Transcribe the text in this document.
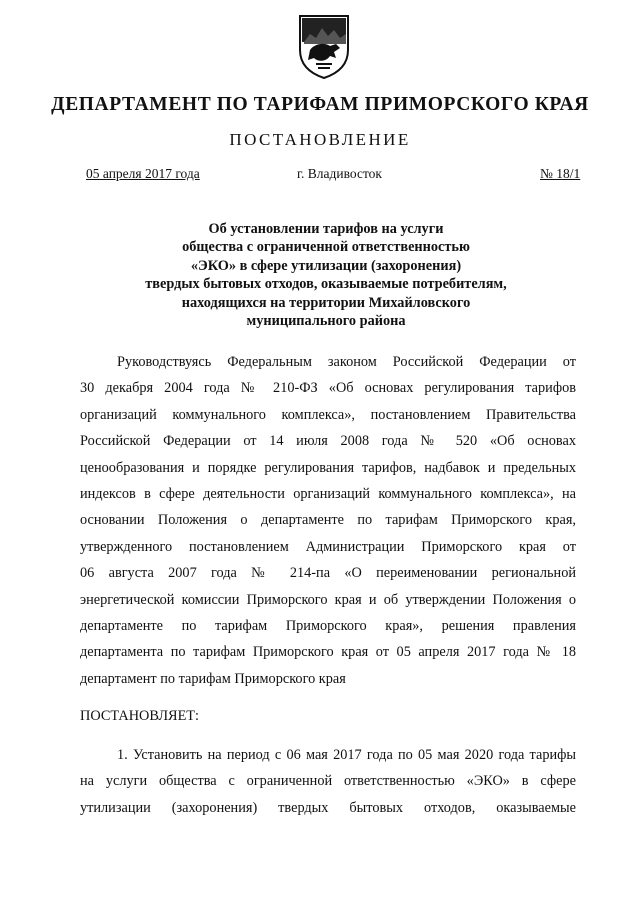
ДЕПАРТАМЕНТ ПО ТАРИФАМ ПРИМОРСКОГО КРАЯ
ПОСТАНОВЛЕНИЕ
05 апреля 2017 года	г. Владивосток	№ 18/1
Об установлении тарифов на услуги
общества с ограниченной ответственностью
«ЭКО» в сфере утилизации (захоронения)
твердых бытовых отходов, оказываемые потребителям,
находящихся на территории Михайловского
муниципального района
Руководствуясь Федеральным законом Российской Федерации от
30 декабря 2004 года № 210-ФЗ «Об основах регулирования тарифов
организаций коммунального комплекса», постановлением Правительства
Российской Федерации от 14 июля 2008 года № 520 «Об основах
ценообразования и порядке регулирования тарифов, надбавок и предельных
индексов в сфере деятельности организаций коммунального комплекса», на
основании Положения о департаменте по тарифам Приморского края,
утвержденного постановлением Администрации Приморского края от
06 августа 2007 года № 214-па «О переименовании региональной
энергетической комиссии Приморского края и об утверждении Положения о
департаменте по тарифам Приморского края», решения правления
департамента по тарифам Приморского края от 05 апреля 2017 года № 18
департамент по тарифам Приморского края
ПОСТАНОВЛЯЕТ:
1. Установить на период с 06 мая 2017 года по 05 мая 2020 года тарифы
на услуги общества с ограниченной ответственностью «ЭКО» в сфере
утилизации (захоронения) твердых бытовых отходов, оказываемые
